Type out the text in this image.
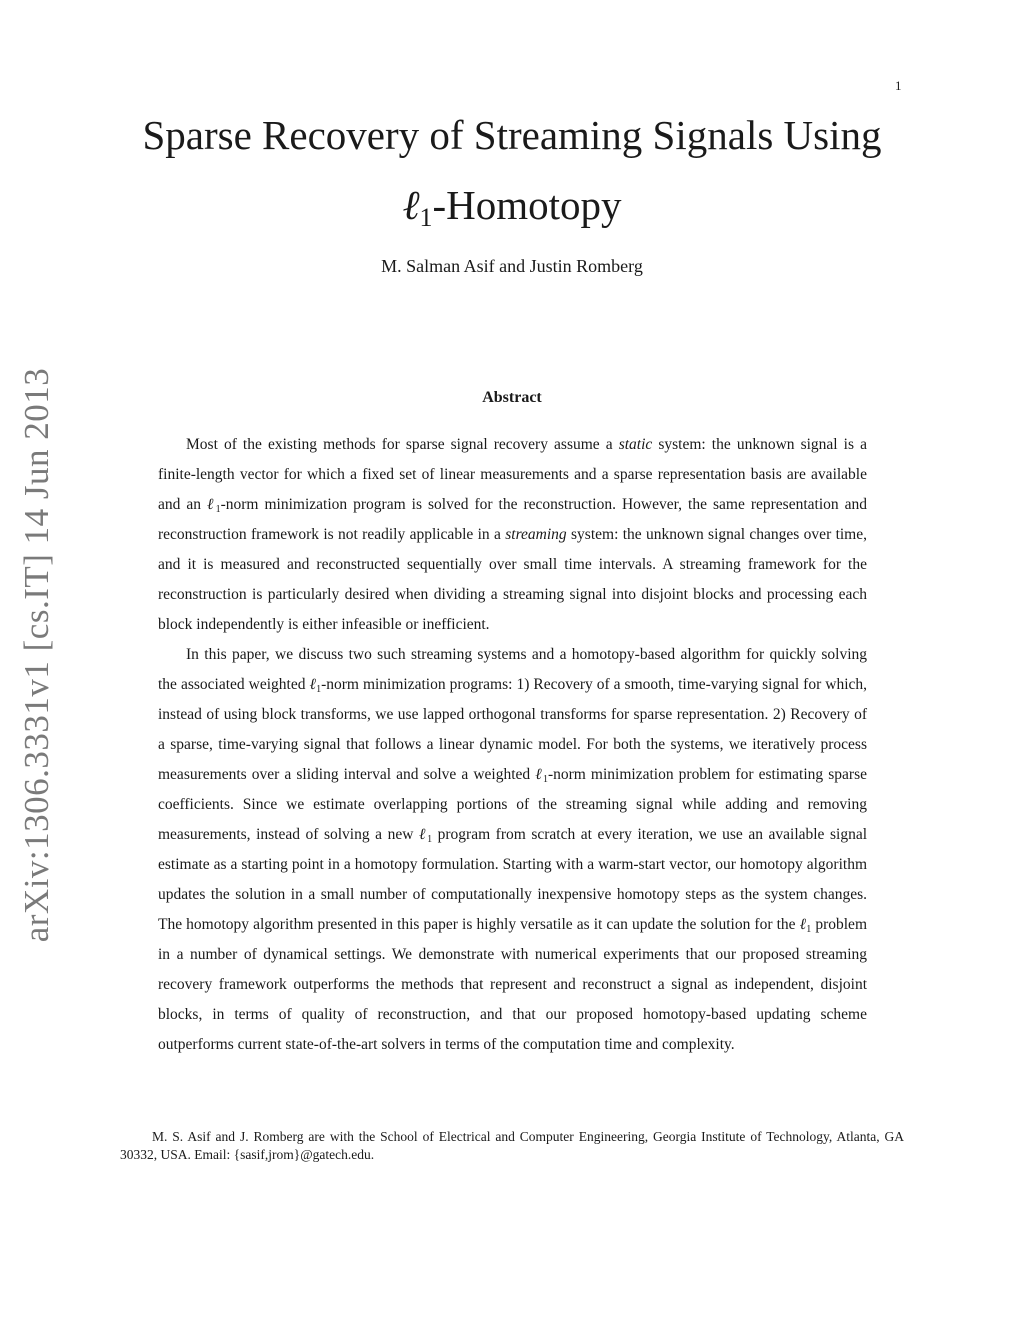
1
arXiv:1306.3331v1 [cs.IT] 14 Jun 2013
Sparse Recovery of Streaming Signals Using
ℓ$_1$-Homotopy
M. Salman Asif and Justin Romberg
Abstract

Most of the existing methods for sparse signal recovery assume a static system: the unknown signal is a finite-length vector for which a fixed set of linear measurements and a sparse representation basis are available and an ℓ$_1$-norm minimization program is solved for the reconstruction. However, the same representation and reconstruction framework is not readily applicable in a streaming system: the unknown signal changes over time, and it is measured and reconstructed sequentially over small time intervals. A streaming framework for the reconstruction is particularly desired when dividing a streaming signal into disjoint blocks and processing each block independently is either infeasible or inefficient.

In this paper, we discuss two such streaming systems and a homotopy-based algorithm for quickly solving the associated weighted ℓ$_1$-norm minimization programs: 1) Recovery of a smooth, time-varying signal for which, instead of using block transforms, we use lapped orthogonal transforms for sparse representation. 2) Recovery of a sparse, time-varying signal that follows a linear dynamic model. For both the systems, we iteratively process measurements over a sliding interval and solve a weighted ℓ$_1$-norm minimization problem for estimating sparse coefficients. Since we estimate overlapping portions of the streaming signal while adding and removing measurements, instead of solving a new ℓ$_1$ program from scratch at every iteration, we use an available signal estimate as a starting point in a homotopy formulation. Starting with a warm-start vector, our homotopy algorithm updates the solution in a small number of computationally inexpensive homotopy steps as the system changes. The homotopy algorithm presented in this paper is highly versatile as it can update the solution for the ℓ$_1$ problem in a number of dynamical settings. We demonstrate with numerical experiments that our proposed streaming recovery framework outperforms the methods that represent and reconstruct a signal as independent, disjoint blocks, in terms of quality of reconstruction, and that our proposed homotopy-based updating scheme outperforms current state-of-the-art solvers in terms of the computation time and complexity.

M. S. Asif and J. Romberg are with the School of Electrical and Computer Engineering, Georgia Institute of Technology, Atlanta, GA 30332, USA. Email: {sasif,jrom}@gatech.edu.
